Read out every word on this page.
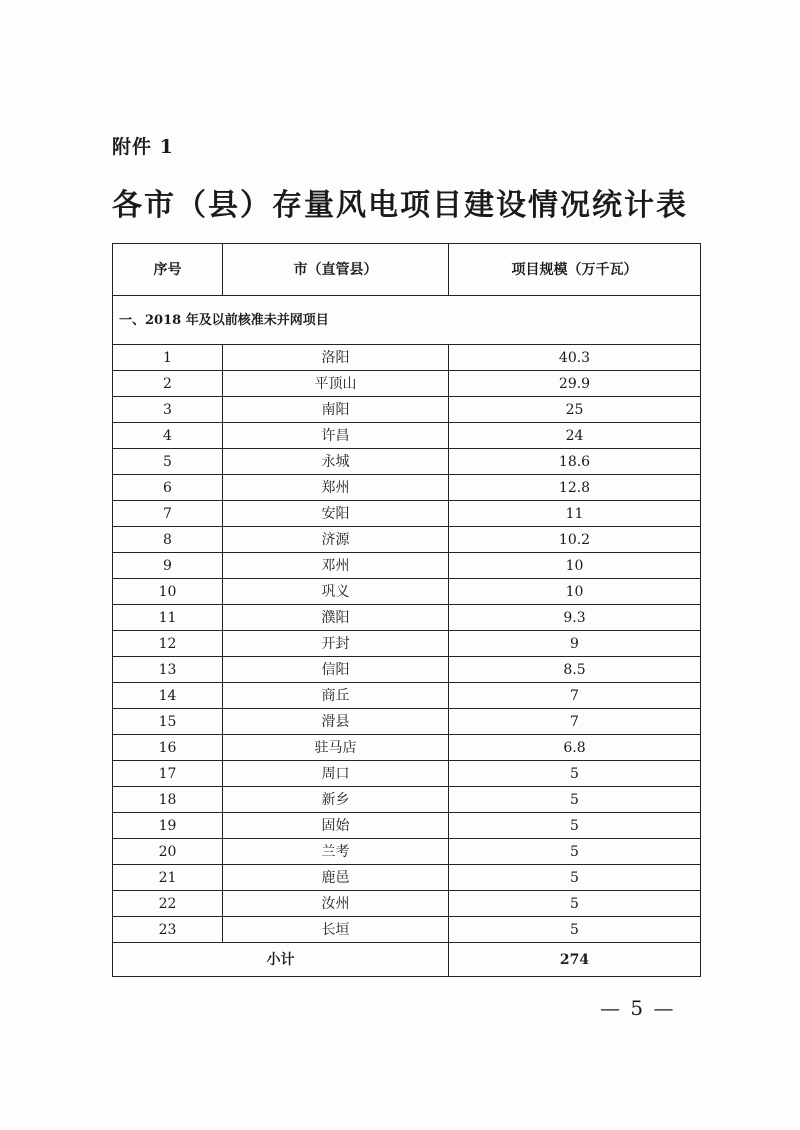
附件 1
各市（县）存量风电项目建设情况统计表
序号	市（直管县）	项目规模（万千瓦）
一、2018 年及以前核准未并网项目		
1	洛阳	40.3
2	平顶山	29.9
3	南阳	25
4	许昌	24
5	永城	18.6
6	郑州	12.8
7	安阳	11
8	济源	10.2
9	邓州	10
10	巩义	10
11	濮阳	9.3
12	开封	9
13	信阳	8.5
14	商丘	7
15	滑县	7
16	驻马店	6.8
17	周口	5
18	新乡	5
19	固始	5
20	兰考	5
21	鹿邑	5
22	汝州	5
23	长垣	5
小计		274
— 5 —
